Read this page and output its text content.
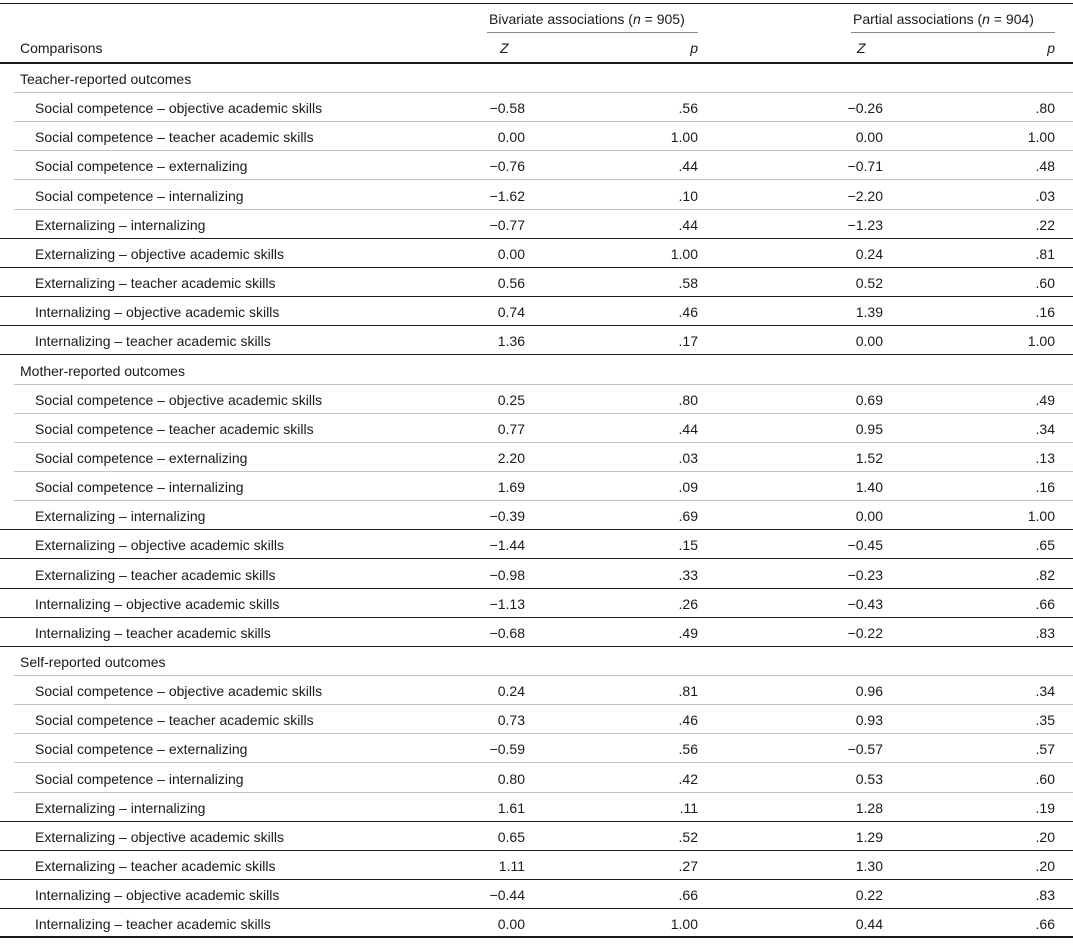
Bivariate associations (n = 905)	Partial associations (n = 904)
Comparisons	Z	p	Z	p
Teacher-reported outcomes
Social competence – objective academic skills	−0.58	.56	−0.26	.80
Social competence – teacher academic skills	0.00	1.00	0.00	1.00
Social competence – externalizing	−0.76	.44	−0.71	.48
Social competence – internalizing	−1.62	.10	−2.20	.03
Externalizing – internalizing	−0.77	.44	−1.23	.22
Externalizing – objective academic skills	0.00	1.00	0.24	.81
Externalizing – teacher academic skills	0.56	.58	0.52	.60
Internalizing – objective academic skills	0.74	.46	1.39	.16
Internalizing – teacher academic skills	1.36	.17	0.00	1.00
Mother-reported outcomes
Social competence – objective academic skills	0.25	.80	0.69	.49
Social competence – teacher academic skills	0.77	.44	0.95	.34
Social competence – externalizing	2.20	.03	1.52	.13
Social competence – internalizing	1.69	.09	1.40	.16
Externalizing – internalizing	−0.39	.69	0.00	1.00
Externalizing – objective academic skills	−1.44	.15	−0.45	.65
Externalizing – teacher academic skills	−0.98	.33	−0.23	.82
Internalizing – objective academic skills	−1.13	.26	−0.43	.66
Internalizing – teacher academic skills	−0.68	.49	−0.22	.83
Self-reported outcomes
Social competence – objective academic skills	0.24	.81	0.96	.34
Social competence – teacher academic skills	0.73	.46	0.93	.35
Social competence – externalizing	−0.59	.56	−0.57	.57
Social competence – internalizing	0.80	.42	0.53	.60
Externalizing – internalizing	1.61	.11	1.28	.19
Externalizing – objective academic skills	0.65	.52	1.29	.20
Externalizing – teacher academic skills	1.11	.27	1.30	.20
Internalizing – objective academic skills	−0.44	.66	0.22	.83
Internalizing – teacher academic skills	0.00	1.00	0.44	.66
